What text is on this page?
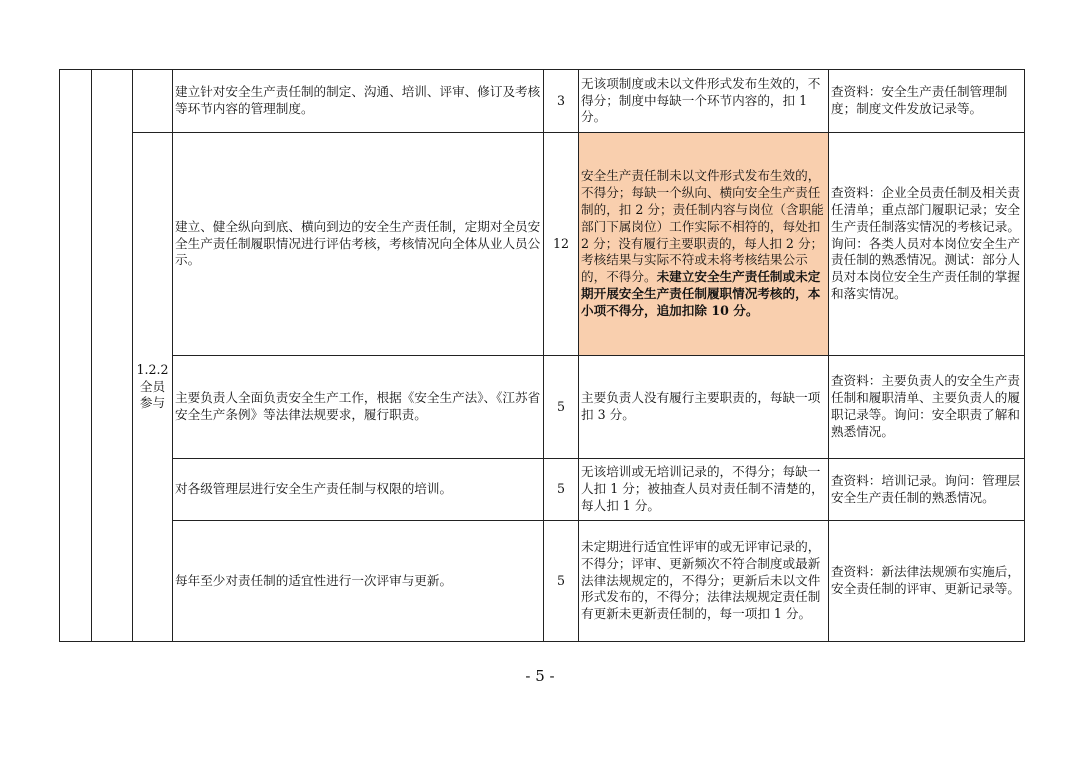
			建立针对安全生产责任制的制定、沟通、培训、评审、修订及考核等环节内容的管理制度。	3	无该项制度或未以文件形式发布生效的，不得分；制度中每缺一个环节内容的，扣 1 分。	查资料：安全生产责任制管理制度；制度文件发放记录等。

		1.2.2
全员
参与	建立、健全纵向到底、横向到边的安全生产责任制，定期对全员安全生产责任制履职情况进行评估考核，考核情况向全体从业人员公示。	12	安全生产责任制未以文件形式发布生效的，不得分；每缺一个纵向、横向安全生产责任制的，扣 2 分；责任制内容与岗位（含职能部门下属岗位）工作实际不相符的，每处扣 2 分；没有履行主要职责的，每人扣 2 分；考核结果与实际不符或未将考核结果公示的，不得分。未建立安全生产责任制或未定期开展安全生产责任制履职情况考核的，本小项不得分，追加扣除 10 分。	查资料：企业全员责任制及相关责任清单；重点部门履职记录；安全生产责任制落实情况的考核记录。询问：各类人员对本岗位安全生产责任制的熟悉情况。测试：部分人员对本岗位安全生产责任制的掌握和落实情况。
			主要负责人全面负责安全生产工作，根据《安全生产法》、《江苏省安全生产条例》等法律法规要求，履行职责。	5	主要负责人没有履行主要职责的，每缺一项扣 3 分。	查资料：主要负责人的安全生产责任制和履职清单、主要负责人的履职记录等。询问：安全职责了解和熟悉情况。
			对各级管理层进行安全生产责任制与权限的培训。	5	无该培训或无培训记录的，不得分；每缺一人扣 1 分；被抽查人员对责任制不清楚的，每人扣 1 分。	查资料：培训记录。询问：管理层安全生产责任制的熟悉情况。
			每年至少对责任制的适宜性进行一次评审与更新。	5	未定期进行适宜性评审的或无评审记录的，不得分；评审、更新频次不符合制度或最新法律法规规定的，不得分；更新后未以文件形式发布的，不得分；法律法规规定责任制有更新未更新责任制的，每一项扣 1 分。	查资料：新法律法规颁布实施后，安全责任制的评审、更新记录等。
- 5 -
